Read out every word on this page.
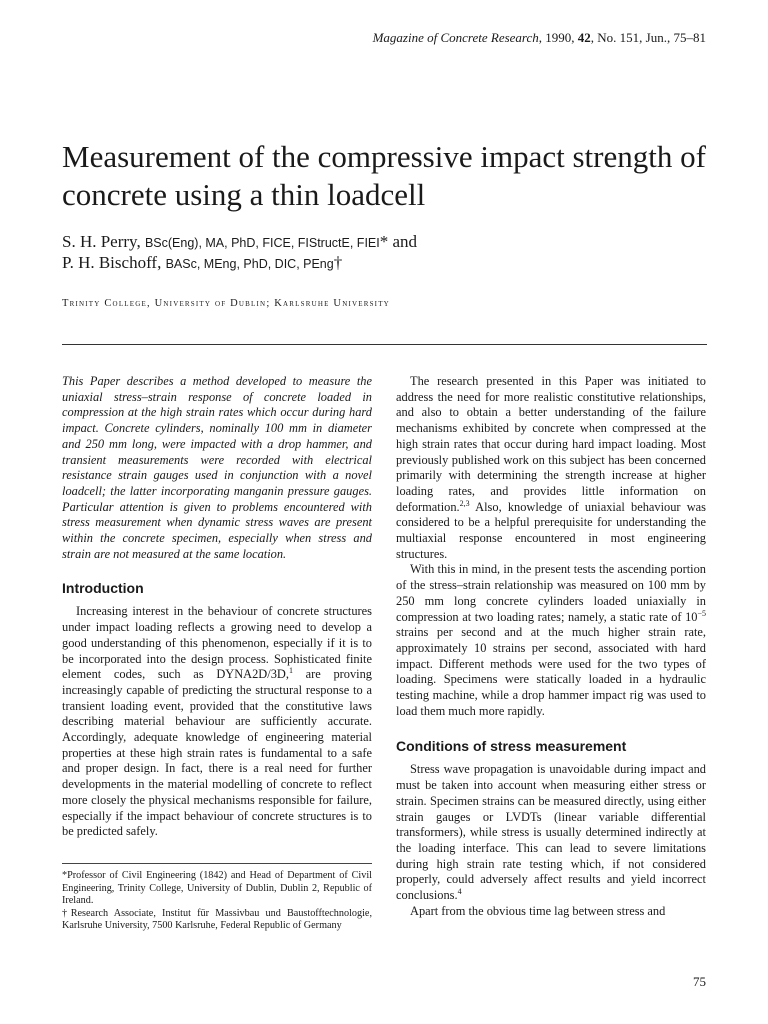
Magazine of Concrete Research, 1990, 42, No. 151, Jun., 75–81
Measurement of the compressive impact strength of concrete using a thin loadcell
S. H. Perry, BSc(Eng), MA, PhD, FICE, FIStructE, FIEI* and
P. H. Bischoff, BASc, MEng, PhD, DIC, PEng†
Trinity College, University of Dublin; Karlsruhe University

This Paper describes a method developed to measure the uniaxial stress–strain response of concrete loaded in compression at the high strain rates which occur during hard impact. Concrete cylinders, nominally 100 mm in diameter and 250 mm long, were impacted with a drop hammer, and transient measurements were recorded with electrical resistance strain gauges used in conjunction with a novel loadcell; the latter incorporating manganin pressure gauges. Particular attention is given to problems encountered with stress measurement when dynamic stress waves are present within the concrete specimen, especially when stress and strain are not measured at the same location.

Introduction

Increasing interest in the behaviour of concrete structures under impact loading reflects a growing need to develop a good understanding of this phenomenon, especially if it is to be incorporated into the design process. Sophisticated finite element codes, such as DYNA2D/3D,$^1$ are proving increasingly capable of predicting the structural response to a transient loading event, provided that the constitutive laws describing material behaviour are sufficiently accurate. Accordingly, adequate knowledge of engineering material properties at these high strain rates is fundamental to a safe and proper design. In fact, there is a real need for further developments in the material modelling of concrete to reflect more closely the physical mechanisms responsible for failure, especially if the impact behaviour of concrete structures is to be predicted safely.

*Professor of Civil Engineering (1842) and Head of Department of Civil Engineering, Trinity College, University of Dublin, Dublin 2, Republic of Ireland.

†Research Associate, Institut für Massivbau und Baustofftechnologie, Karlsruhe University, 7500 Karlsruhe, Federal Republic of Germany

The research presented in this Paper was initiated to address the need for more realistic constitutive relationships, and also to obtain a better understanding of the failure mechanisms exhibited by concrete when compressed at the high strain rates that occur during hard impact loading. Most previously published work on this subject has been concerned primarily with determining the strength increase at higher loading rates, and provides little information on deformation.$^{2,3}$ Also, knowledge of uniaxial behaviour was considered to be a helpful prerequisite for understanding the multiaxial response encountered in most engineering structures.

With this in mind, in the present tests the ascending portion of the stress–strain relationship was measured on 100 mm by 250 mm long concrete cylinders loaded uniaxially in compression at two loading rates; namely, a static rate of $10^{-5}$ strains per second and at the much higher strain rate, approximately 10 strains per second, associated with hard impact. Different methods were used for the two types of loading. Specimens were statically loaded in a hydraulic testing machine, while a drop hammer impact rig was used to load them much more rapidly.

Conditions of stress measurement

Stress wave propagation is unavoidable during impact and must be taken into account when measuring either stress or strain. Specimen strains can be measured directly, using either strain gauges or LVDTs (linear variable differential transformers), while stress is usually determined indirectly at the loading interface. This can lead to severe limitations during high strain rate testing which, if not considered properly, could adversely affect results and yield incorrect conclusions.$^4$

Apart from the obvious time lag between stress and

75
